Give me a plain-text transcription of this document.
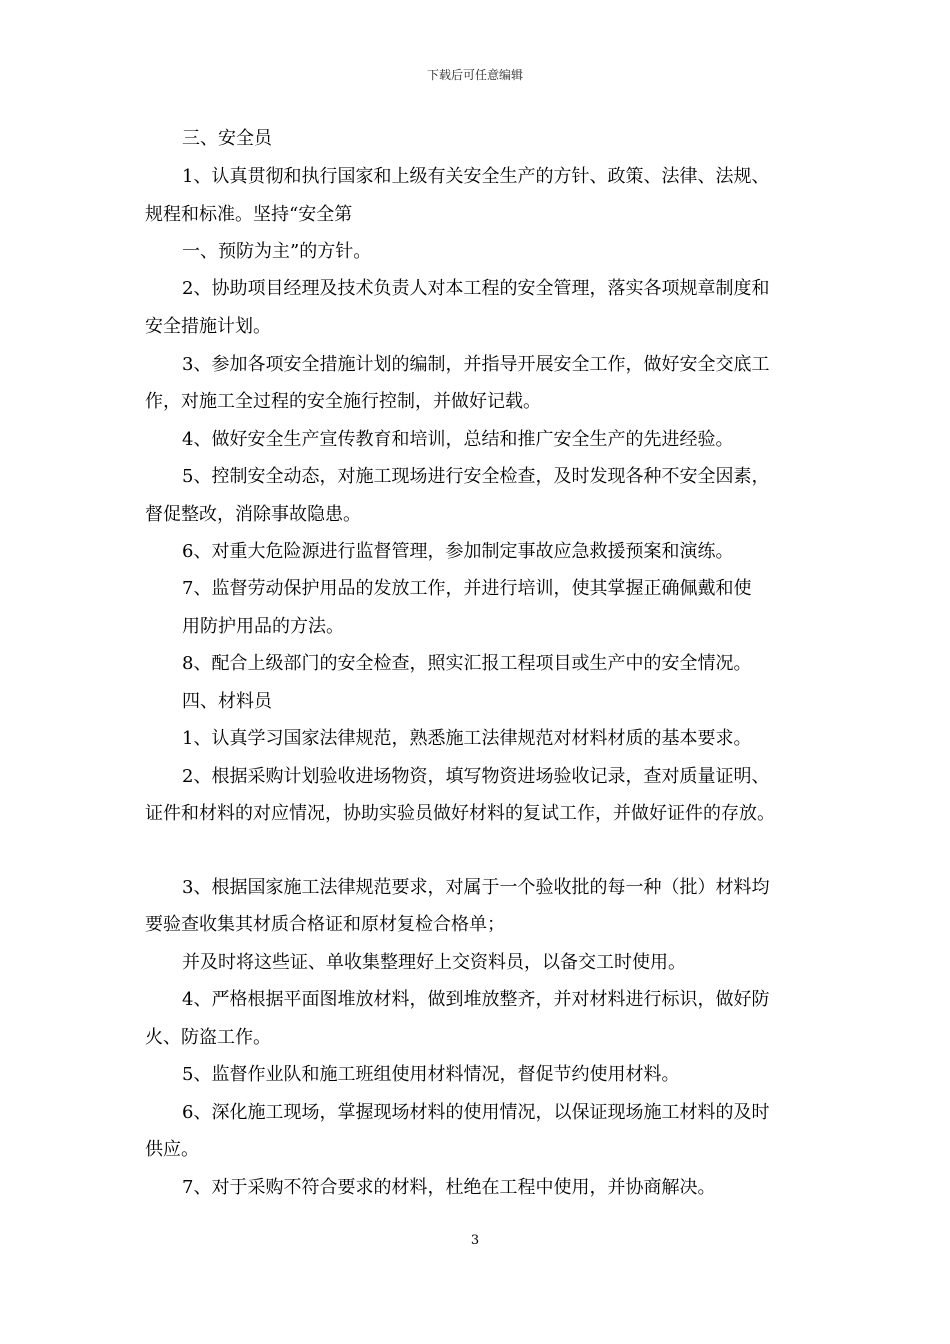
下载后可任意编辑
三、安全员
1、认真贯彻和执行国家和上级有关安全生产的方针、政策、法律、法规、
规程和标准。坚持“安全第
一、预防为主”的方针。
2、协助项目经理及技术负责人对本工程的安全管理，落实各项规章制度和
安全措施计划。
3、参加各项安全措施计划的编制，并指导开展安全工作，做好安全交底工
作，对施工全过程的安全施行控制，并做好记载。
4、做好安全生产宣传教育和培训，总结和推广安全生产的先进经验。
5、控制安全动态，对施工现场进行安全检查，及时发现各种不安全因素，
督促整改，消除事故隐患。
6、对重大危险源进行监督管理，参加制定事故应急救援预案和演练。
7、监督劳动保护用品的发放工作，并进行培训，使其掌握正确佩戴和使
用防护用品的方法。
8、配合上级部门的安全检查，照实汇报工程项目或生产中的安全情况。
四、材料员
1、认真学习国家法律规范，熟悉施工法律规范对材料材质的基本要求。
2、根据采购计划验收进场物资，填写物资进场验收记录，查对质量证明、
证件和材料的对应情况，协助实验员做好材料的复试工作，并做好证件的存放。
3、根据国家施工法律规范要求，对属于一个验收批的每一种（批）材料均
要验查收集其材质合格证和原材复检合格单；
并及时将这些证、单收集整理好上交资料员，以备交工时使用。
4、严格根据平面图堆放材料，做到堆放整齐，并对材料进行标识，做好防
火、防盗工作。
5、监督作业队和施工班组使用材料情况，督促节约使用材料。
6、深化施工现场，掌握现场材料的使用情况，以保证现场施工材料的及时
供应。
7、对于采购不符合要求的材料，杜绝在工程中使用，并协商解决。
3
